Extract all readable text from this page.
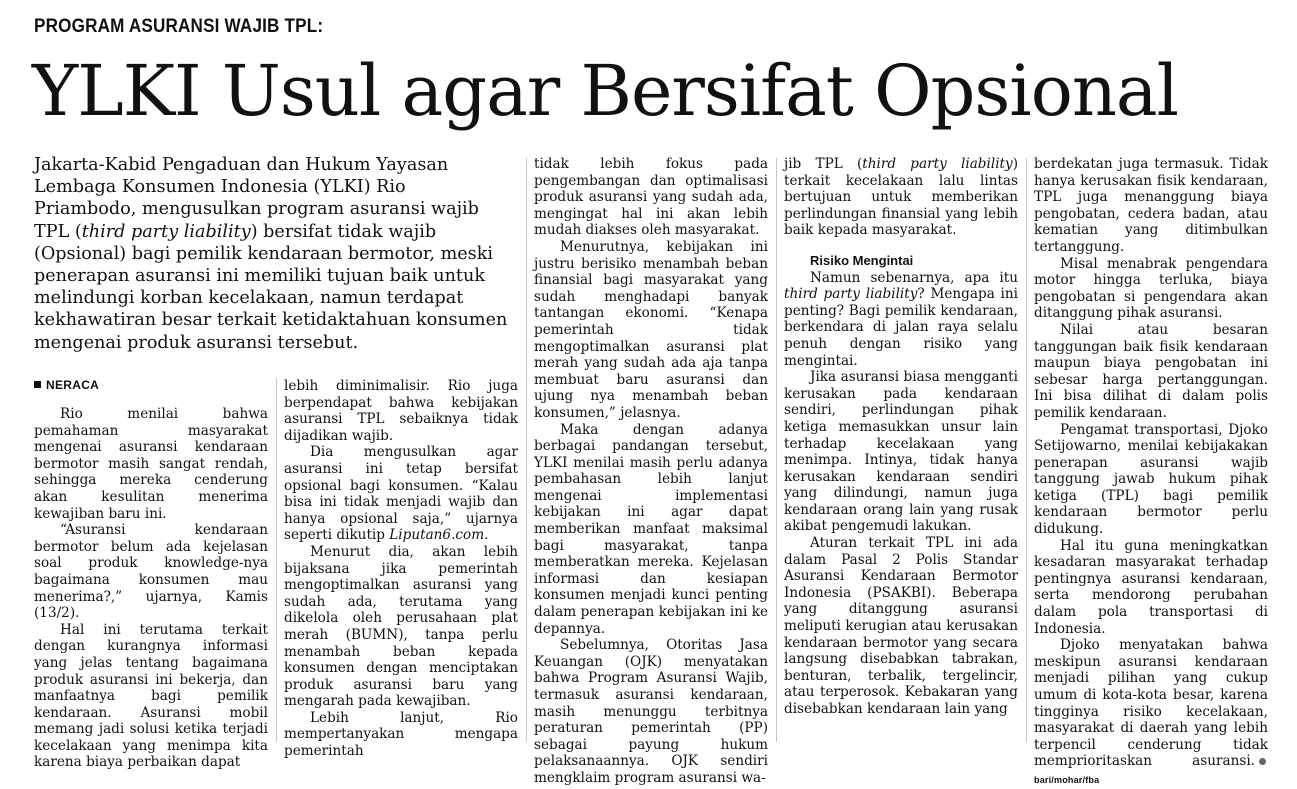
PROGRAM ASURANSI WAJIB TPL:
YLKI Usul agar Bersifat Opsional

Jakarta-Kabid Pengaduan dan Hukum Yayasan Lembaga Konsumen Indonesia (YLKI) Rio Priambodo, mengusulkan program asuransi wajib TPL (third party liability) bersifat tidak wajib (Opsional) bagi pemilik kendaraan bermotor, meski penerapan asuransi ini memiliki tujuan baik untuk melindungi korban kecelakaan, namun terdapat kekhawatiran besar terkait ketidaktahuan konsumen mengenai produk asuransi tersebut.

NERACA

Rio menilai bahwa pemahaman masyarakat mengenai asuransi kendaraan bermotor masih sangat rendah, sehingga mereka cenderung akan kesulitan menerima kewajiban baru ini.

“Asuransi kendaraan bermotor belum ada kejelasan soal produk knowledge-nya bagaimana konsumen mau menerima?,” ujarnya, Kamis (13/2).

Hal ini terutama terkait dengan kurangnya informasi yang jelas tentang bagaimana produk asuransi ini bekerja, dan manfaatnya bagi pemilik kendaraan. Asuransi mobil memang jadi solusi ketika terjadi kecelakaan yang menimpa kita karena biaya perbaikan dapat

lebih diminimalisir. Rio juga berpendapat bahwa kebijakan asuransi TPL sebaiknya tidak dijadikan wajib.

Dia mengusulkan agar asuransi ini tetap bersifat opsional bagi konsumen. “Kalau bisa ini tidak menjadi wajib dan hanya opsional saja,” ujarnya seperti dikutip Liputan6.com.

Menurut dia, akan lebih bijaksana jika pemerintah mengoptimalkan asuransi yang sudah ada, terutama yang dikelola oleh perusahaan plat merah (BUMN), tanpa perlu menambah beban kepada konsumen dengan menciptakan produk asuransi baru yang mengarah pada kewajiban.

Lebih lanjut, Rio mempertanyakan mengapa pemerintah

tidak lebih fokus pada pengembangan dan optimalisasi produk asuransi yang sudah ada, mengingat hal ini akan lebih mudah diakses oleh masyarakat.

Menurutnya, kebijakan ini justru berisiko menambah beban finansial bagi masyarakat yang sudah menghadapi banyak tantangan ekonomi. “Kenapa pemerintah tidak mengoptimalkan asuransi plat merah yang sudah ada aja tanpa membuat baru asuransi dan ujung nya menambah beban konsumen,” jelasnya.

Maka dengan adanya berbagai pandangan tersebut, YLKI menilai masih perlu adanya pembahasan lebih lanjut mengenai implementasi kebijakan ini agar dapat memberikan manfaat maksimal bagi masyarakat, tanpa memberatkan mereka. Kejelasan informasi dan kesiapan konsumen menjadi kunci penting dalam penerapan kebijakan ini ke depannya.

Sebelumnya, Otoritas Jasa Keuangan (OJK) menyatakan bahwa Program Asuransi Wajib, termasuk asuransi kendaraan, masih menunggu terbitnya peraturan pemerintah (PP) sebagai payung hukum pelaksanaannya. OJK sendiri mengklaim program asuransi wa-

jib TPL (third party liability) terkait kecelakaan lalu lintas bertujuan untuk memberikan perlindungan finansial yang lebih baik kepada masyarakat.

Risiko Mengintai

Namun sebenarnya, apa itu third party liability? Mengapa ini penting? Bagi pemilik kendaraan, berkendara di jalan raya selalu penuh dengan risiko yang mengintai.

Jika asuransi biasa mengganti kerusakan pada kendaraan sendiri, perlindungan pihak ketiga memasukkan unsur lain terhadap kecelakaan yang menimpa. Intinya, tidak hanya kerusakan kendaraan sendiri yang dilindungi, namun juga kendaraan orang lain yang rusak akibat pengemudi lakukan.

Aturan terkait TPL ini ada dalam Pasal 2 Polis Standar Asuransi Kendaraan Bermotor Indonesia (PSAKBI). Beberapa yang ditanggung asuransi meliputi kerugian atau kerusakan kendaraan bermotor yang secara langsung disebabkan tabrakan, benturan, terbalik, tergelincir, atau terperosok. Kebakaran yang disebabkan kendaraan lain yang

berdekatan juga termasuk. Tidak hanya kerusakan fisik kendaraan, TPL juga menanggung biaya pengobatan, cedera badan, atau kematian yang ditimbulkan tertanggung.

Misal menabrak pengendara motor hingga terluka, biaya pengobatan si pengendara akan ditanggung pihak asuransi.

Nilai atau besaran tanggungan baik fisik kendaraan maupun biaya pengobatan ini sebesar harga pertanggungan. Ini bisa dilihat di dalam polis pemilik kendaraan.

Pengamat transportasi, Djoko Setijowarno, menilai kebijakakan penerapan asuransi wajib tanggung jawab hukum pihak ketiga (TPL) bagi pemilik kendaraan bermotor perlu didukung.

Hal itu guna meningkatkan kesadaran masyarakat terhadap pentingnya asuransi kendaraan, serta mendorong perubahan dalam pola transportasi di Indonesia.

Djoko menyatakan bahwa meskipun asuransi kendaraan menjadi pilihan yang cukup umum di kota-kota besar, karena tingginya risiko kecelakaan, masyarakat di daerah yang lebih terpencil cenderung tidak memprioritaskan asuransi.bari/mohar/fba
